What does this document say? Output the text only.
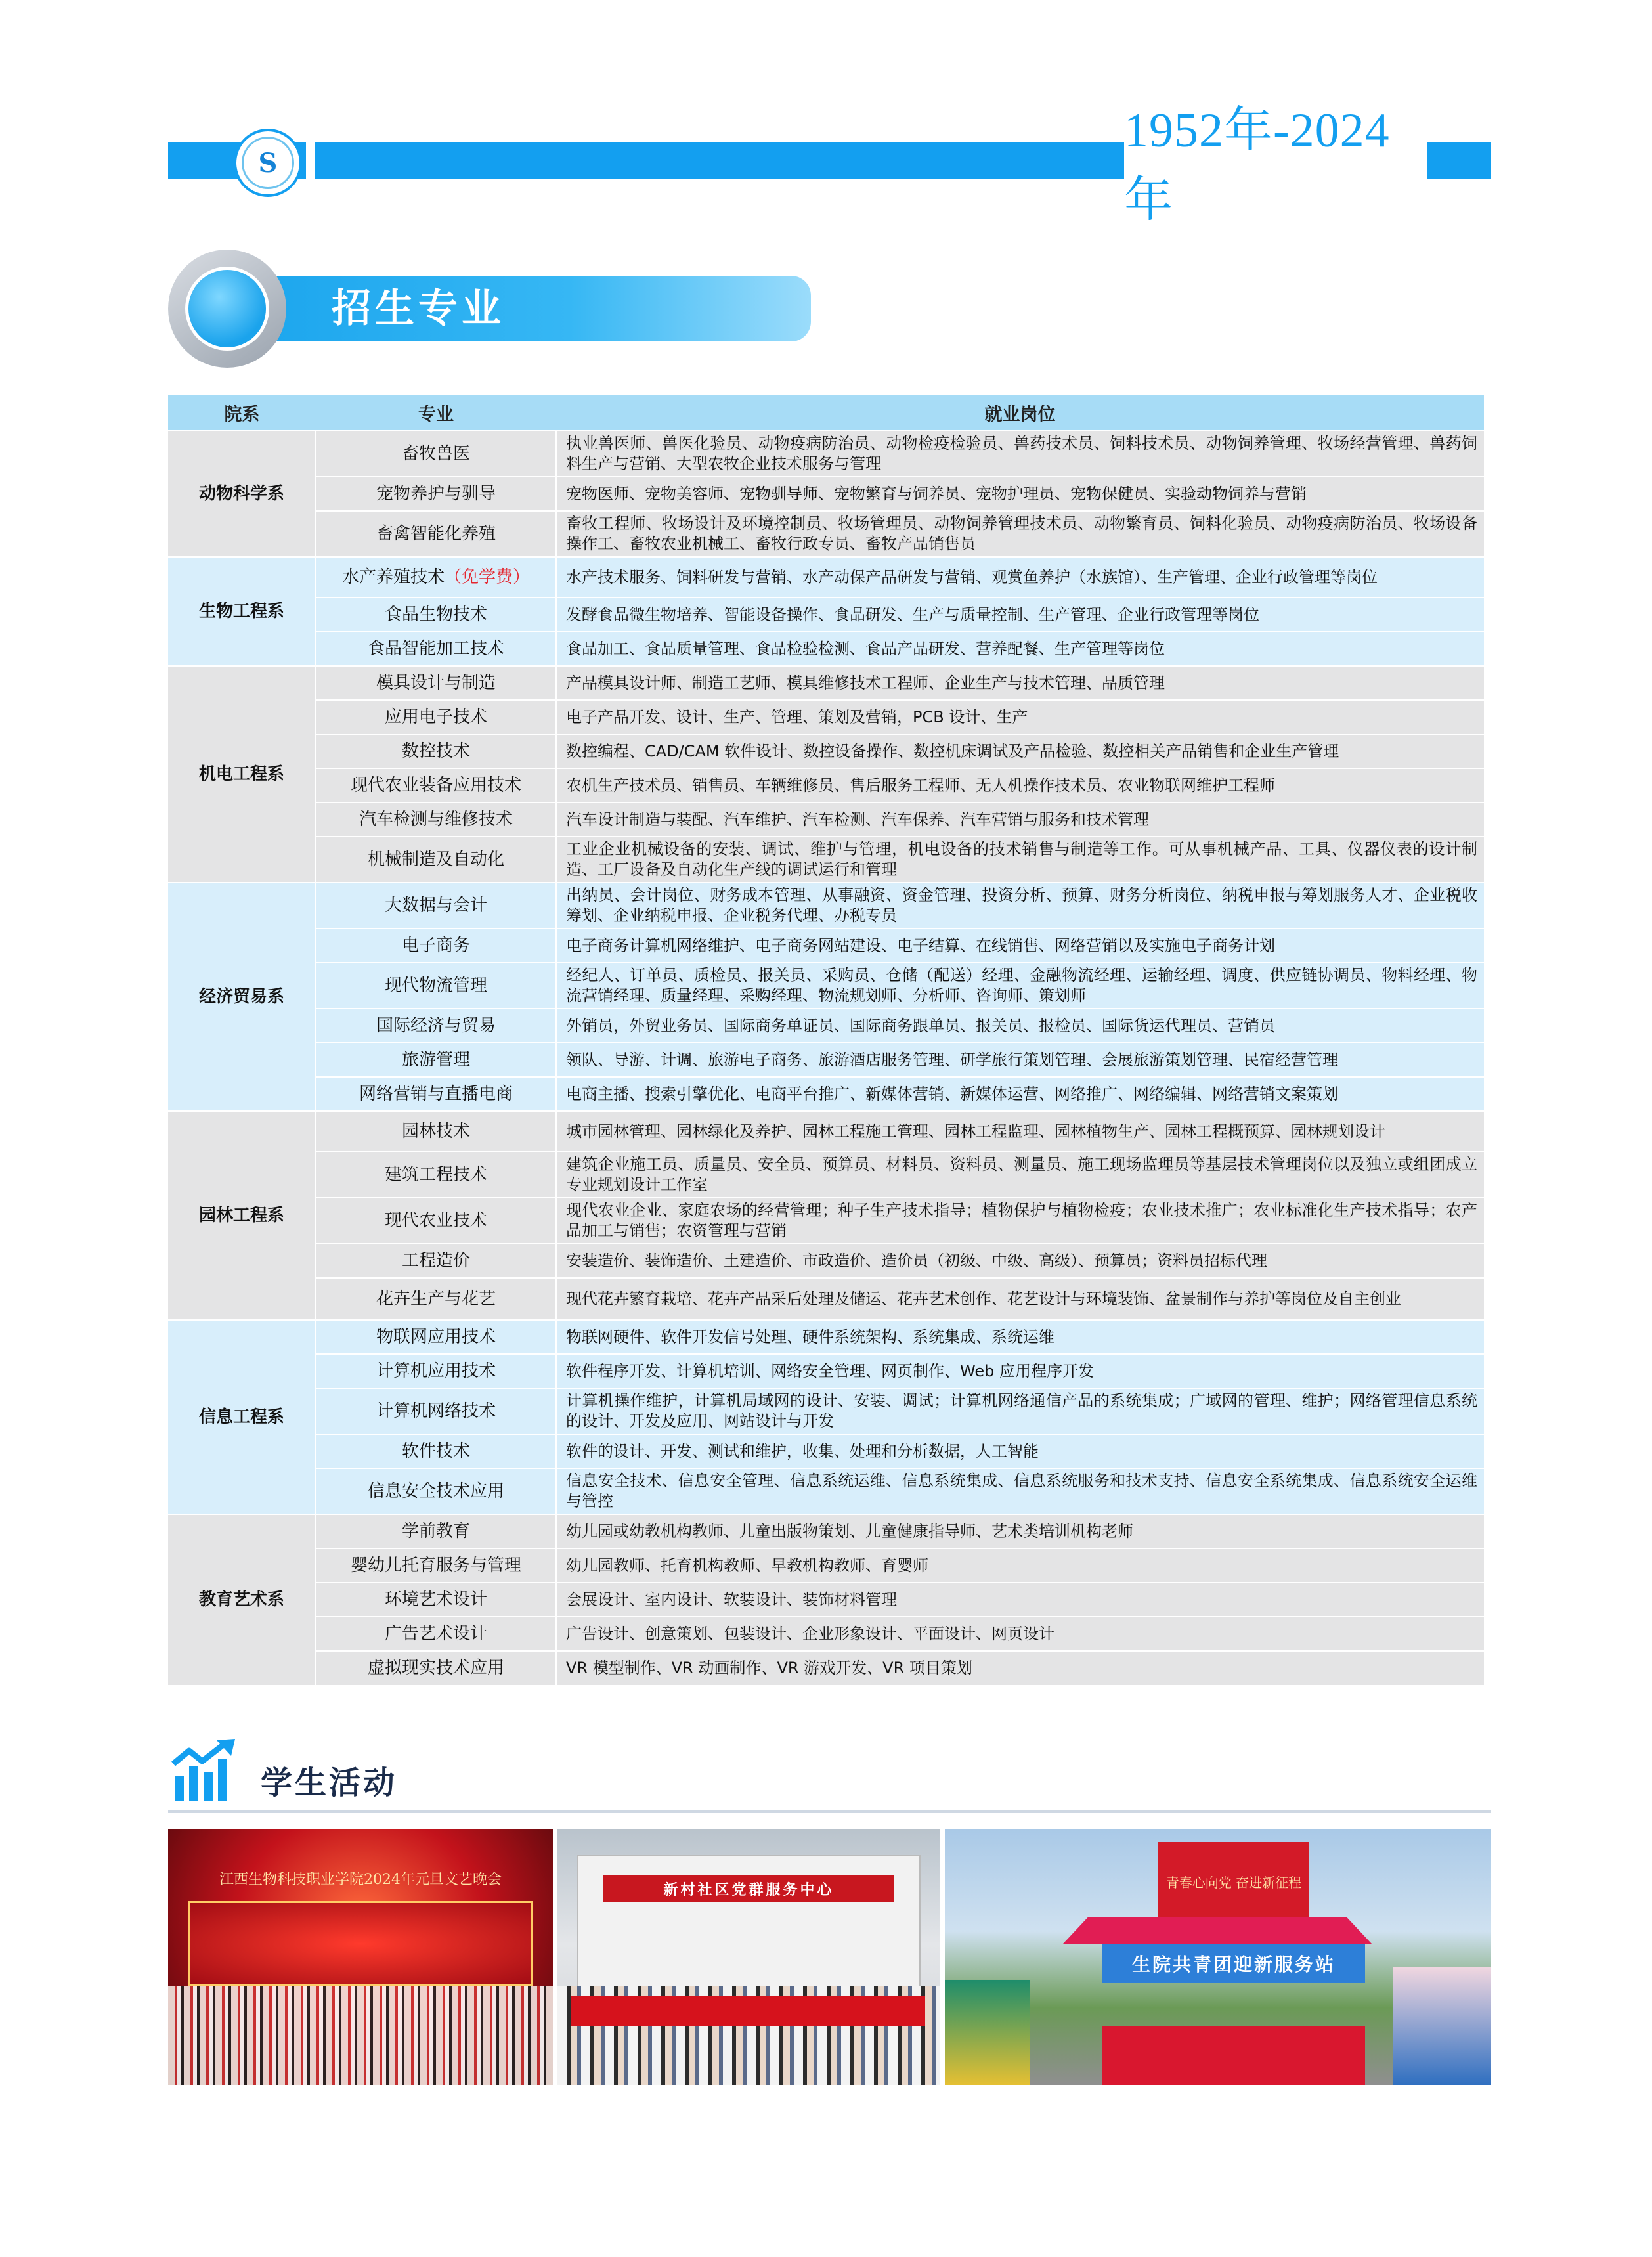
S
1952年-2024年
招生专业
院系	专业	就业岗位
动物科学系	畜牧兽医	执业兽医师、兽医化验员、动物疫病防治员、动物检疫检验员、兽药技术员、饲料技术员、动物饲养管理、牧场经营管理、兽药饲料生产与营销、大型农牧企业技术服务与管理
	宠物养护与驯导	宠物医师、宠物美容师、宠物驯导师、宠物繁育与饲养员、宠物护理员、宠物保健员、实验动物饲养与营销
	畜禽智能化养殖	畜牧工程师、牧场设计及环境控制员、牧场管理员、动物饲养管理技术员、动物繁育员、饲料化验员、动物疫病防治员、牧场设备操作工、畜牧农业机械工、畜牧行政专员、畜牧产品销售员
生物工程系	水产养殖技术（免学费）	水产技术服务、饲料研发与营销、水产动保产品研发与营销、观赏鱼养护（水族馆）、生产管理、企业行政管理等岗位
	食品生物技术	发酵食品微生物培养、智能设备操作、食品研发、生产与质量控制、生产管理、企业行政管理等岗位
	食品智能加工技术	食品加工、食品质量管理、食品检验检测、食品产品研发、营养配餐、生产管理等岗位
机电工程系	模具设计与制造	产品模具设计师、制造工艺师、模具维修技术工程师、企业生产与技术管理、品质管理
	应用电子技术	电子产品开发、设计、生产、管理、策划及营销，PCB 设计、生产
	数控技术	数控编程、CAD/CAM 软件设计、数控设备操作、数控机床调试及产品检验、数控相关产品销售和企业生产管理
	现代农业装备应用技术	农机生产技术员、销售员、车辆维修员、售后服务工程师、无人机操作技术员、农业物联网维护工程师
	汽车检测与维修技术	汽车设计制造与装配、汽车维护、汽车检测、汽车保养、汽车营销与服务和技术管理
	机械制造及自动化	工业企业机械设备的安装、调试、维护与管理，机电设备的技术销售与制造等工作。可从事机械产品、工具、仪器仪表的设计制造、工厂设备及自动化生产线的调试运行和管理
经济贸易系	大数据与会计	出纳员、会计岗位、财务成本管理、从事融资、资金管理、投资分析、预算、财务分析岗位、纳税申报与筹划服务人才、企业税收筹划、企业纳税申报、企业税务代理、办税专员
	电子商务	电子商务计算机网络维护、电子商务网站建设、电子结算、在线销售、网络营销以及实施电子商务计划
	现代物流管理	经纪人、订单员、质检员、报关员、采购员、仓储（配送）经理、金融物流经理、运输经理、调度、供应链协调员、物料经理、物流营销经理、质量经理、采购经理、物流规划师、分析师、咨询师、策划师
	国际经济与贸易	外销员，外贸业务员、国际商务单证员、国际商务跟单员、报关员、报检员、国际货运代理员、营销员
	旅游管理	领队、导游、计调、旅游电子商务、旅游酒店服务管理、研学旅行策划管理、会展旅游策划管理、民宿经营管理
	网络营销与直播电商	电商主播、搜索引擎优化、电商平台推广、新媒体营销、新媒体运营、网络推广、网络编辑、网络营销文案策划
园林工程系	园林技术	城市园林管理、园林绿化及养护、园林工程施工管理、园林工程监理、园林植物生产、园林工程概预算、园林规划设计
	建筑工程技术	建筑企业施工员、质量员、安全员、预算员、材料员、资料员、测量员、施工现场监理员等基层技术管理岗位以及独立或组团成立专业规划设计工作室
	现代农业技术	现代农业企业、家庭农场的经营管理；种子生产技术指导；植物保护与植物检疫；农业技术推广；农业标准化生产技术指导；农产品加工与销售；农资管理与营销
	工程造价	安装造价、装饰造价、土建造价、市政造价、造价员（初级、中级、高级）、预算员；资料员招标代理
	花卉生产与花艺	现代花卉繁育栽培、花卉产品采后处理及储运、花卉艺术创作、花艺设计与环境装饰、盆景制作与养护等岗位及自主创业
信息工程系	物联网应用技术	物联网硬件、软件开发信号处理、硬件系统架构、系统集成、系统运维
	计算机应用技术	软件程序开发、计算机培训、网络安全管理、网页制作、Web 应用程序开发
	计算机网络技术	计算机操作维护，计算机局域网的设计、安装、调试；计算机网络通信产品的系统集成；广域网的管理、维护；网络管理信息系统的设计、开发及应用、网站设计与开发
	软件技术	软件的设计、开发、测试和维护，收集、处理和分析数据，人工智能
	信息安全技术应用	信息安全技术、信息安全管理、信息系统运维、信息系统集成、信息系统服务和技术支持、信息安全系统集成、信息系统安全运维与管控
教育艺术系	学前教育	幼儿园或幼教机构教师、儿童出版物策划、儿童健康指导师、艺术类培训机构老师
	婴幼儿托育服务与管理	幼儿园教师、托育机构教师、早教机构教师、育婴师
	环境艺术设计	会展设计、室内设计、软装设计、装饰材料管理
	广告艺术设计	广告设计、创意策划、包装设计、企业形象设计、平面设计、网页设计
	虚拟现实技术应用	VR 模型制作、VR 动画制作、VR 游戏开发、VR 项目策划
学生活动
江西生物科技职业学院2024年元旦文艺晚会
新村社区党群服务中心	青春心向党 奋进新征程
生院共青团迎新服务站
